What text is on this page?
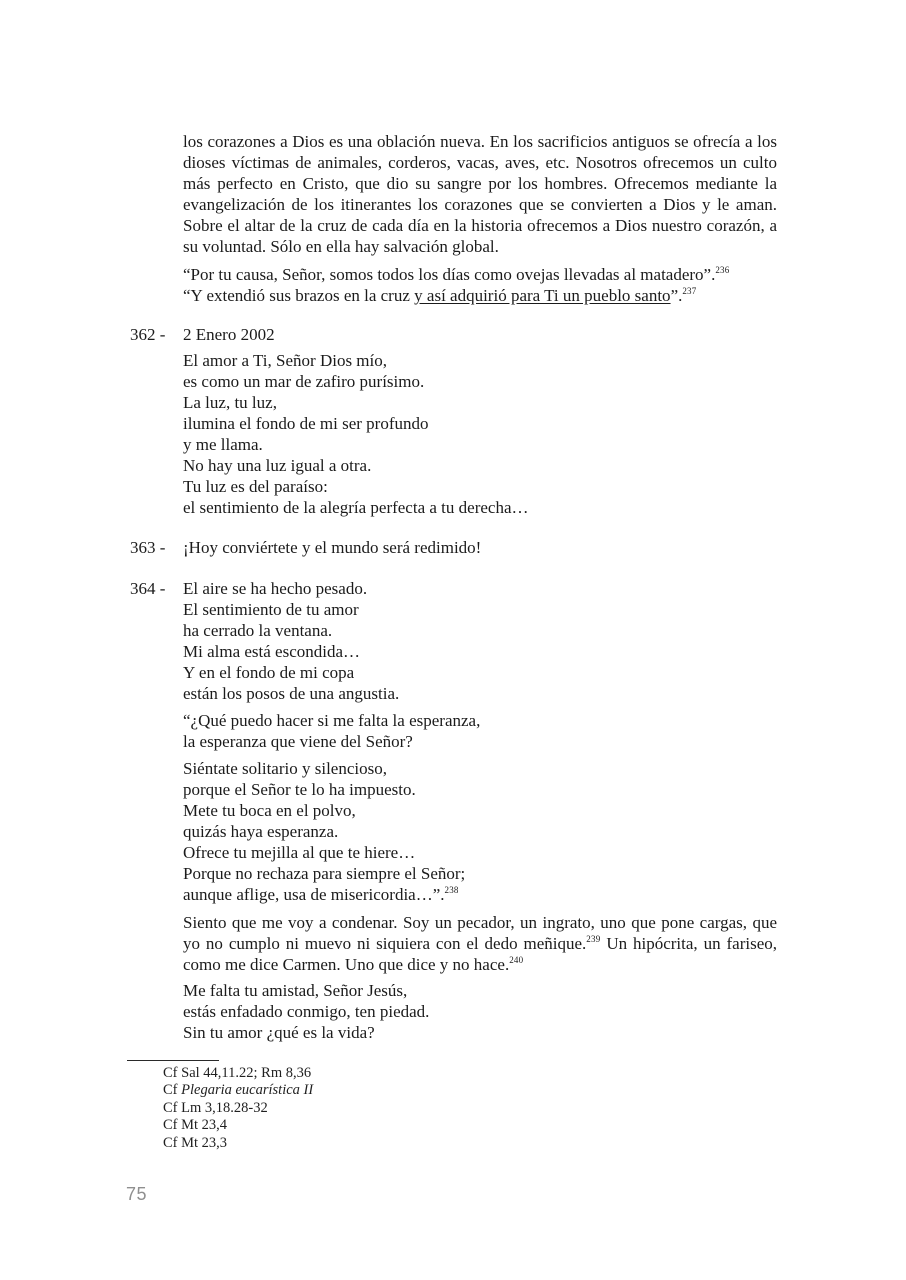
los corazones a Dios es una oblación nueva. En los sacrificios antiguos se ofrecía a los dioses víctimas de animales, corderos, vacas, aves, etc. Nosotros ofrecemos un culto más perfecto en Cristo, que dio su sangre por los hombres. Ofrecemos mediante la evangelización de los itinerantes los corazones que se convierten a Dios y le aman. Sobre el altar de la cruz de cada día en la historia ofrecemos a Dios nuestro corazón, a su voluntad. Sólo en ella hay salvación global.

“Por tu causa, Señor, somos todos los días como ovejas llevadas al matadero”.$^{236}$
“Y extendió sus brazos en la cruz y así adquirió para Ti un pueblo santo”.$^{237}$
362 - 2 Enero 2002
El amor a Ti, Señor Dios mío,
es como un mar de zafiro purísimo.
La luz, tu luz,
ilumina el fondo de mi ser profundo
y me llama.
No hay una luz igual a otra.
Tu luz es del paraíso:
el sentimiento de la alegría perfecta a tu derecha…
363 - ¡Hoy conviértete y el mundo será redimido!
364 - El aire se ha hecho pesado.
El sentimiento de tu amor
ha cerrado la ventana.
Mi alma está escondida…
Y en el fondo de mi copa
están los posos de una angustia.
“¿Qué puedo hacer si me falta la esperanza,
la esperanza que viene del Señor?
Siéntate solitario y silencioso,
porque el Señor te lo ha impuesto.
Mete tu boca en el polvo,
quizás haya esperanza.
Ofrece tu mejilla al que te hiere…
Porque no rechaza para siempre el Señor;
aunque aflige, usa de misericordia…”.$^{238}$

Siento que me voy a condenar. Soy un pecador, un ingrato, uno que pone cargas, que yo no cumplo ni muevo ni siquiera con el dedo meñique.$^{239}$ Un hipócrita, un fariseo, como me dice Carmen. Uno que dice y no hace.$^{240}$

Me falta tu amistad, Señor Jesús,
estás enfadado conmigo, ten piedad.
Sin tu amor ¿qué es la vida?
Cf Sal 44,11.22; Rm 8,36
Cf Plegaria eucarística II
Cf Lm 3,18.28-32
Cf Mt 23,4
Cf Mt 23,3
75
